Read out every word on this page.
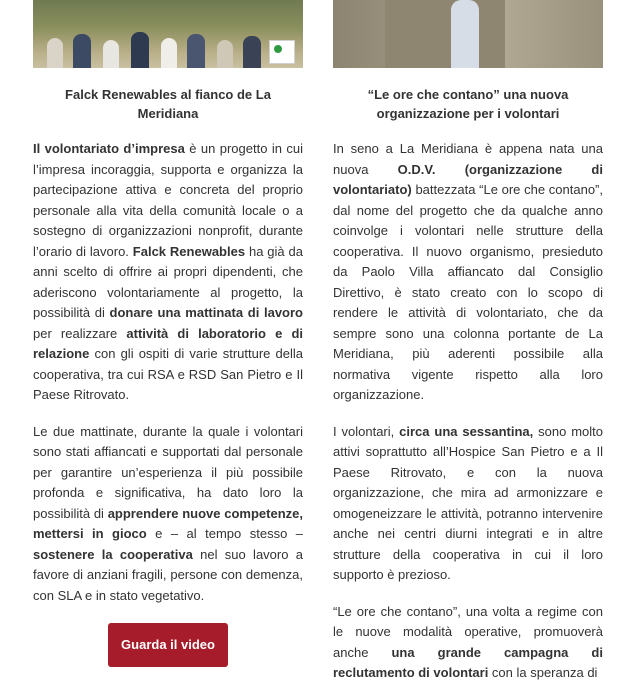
Falck Renewables al fianco de La Meridiana

Il volontariato d’impresa è un progetto in cui l’impresa incoraggia, supporta e organizza la partecipazione attiva e concreta del proprio personale alla vita della comunità locale o a sostegno di organizzazioni nonprofit, durante l’orario di lavoro. Falck Renewables ha già da anni scelto di offrire ai propri dipendenti, che aderiscono volontariamente al progetto, la possibilità di donare una mattinata di lavoro per realizzare attività di laboratorio e di relazione con gli ospiti di varie strutture della cooperativa, tra cui RSA e RSD San Pietro e Il Paese Ritrovato.

Le due mattinate, durante la quale i volontari sono stati affiancati e supportati dal personale per garantire un’esperienza il più possibile profonda e significativa, ha dato loro la possibilità di apprendere nuove competenze, mettersi in gioco e – al tempo stesso – sostenere la cooperativa nel suo lavoro a favore di anziani fragili, persone con demenza, con SLA e in stato vegetativo.

Guarda il video
“Le ore che contano” una nuova organizzazione per i volontari

In seno a La Meridiana è appena nata una nuova O.D.V. (organizzazione di volontariato) battezzata “Le ore che contano”, dal nome del progetto che da qualche anno coinvolge i volontari nelle strutture della cooperativa. Il nuovo organismo, presieduto da Paolo Villa affiancato dal Consiglio Direttivo, è stato creato con lo scopo di rendere le attività di volontariato, che da sempre sono una colonna portante de La Meridiana, più aderenti possibile alla normativa vigente rispetto alla loro organizzazione.

I volontari, circa una sessantina, sono molto attivi soprattutto all’Hospice San Pietro e a Il Paese Ritrovato, e con la nuova organizzazione, che mira ad armonizzare e omogeneizzare le attività, potranno intervenire anche nei centri diurni integrati e in altre strutture della cooperativa in cui il loro supporto è prezioso.

“Le ore che contano”, una volta a regime con le nuove modalità operative, promuoverà anche una grande campagna di reclutamento di volontari con la speranza di
